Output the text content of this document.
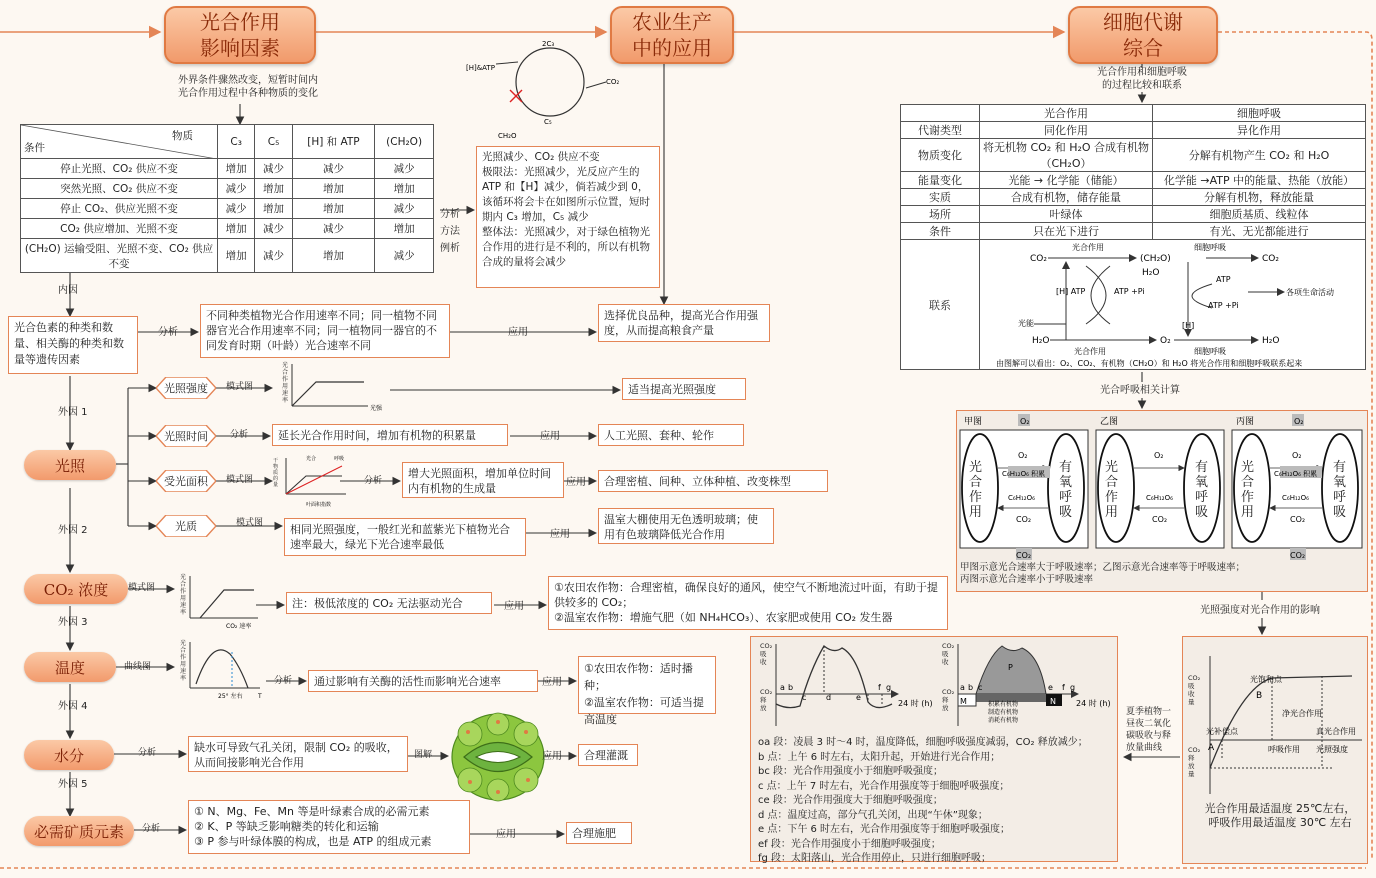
光合作用
影响因素
农业生产
中的应用
细胞代谢
综合
外界条件骤然改变，短暂时间内
光合作用过程中各种物质的变化
物质
条件	C₃	C₅	[H] 和 ATP	(CH₂O)
停止光照、CO₂ 供应不变	增加	减少	减少	减少
突然光照、CO₂ 供应不变	减少	增加	增加	增加
停止 CO₂、供应光照不变	减少	增加	增加	减少
CO₂ 供应增加、光照不变	增加	减少	减少	增加
(CH₂O) 运输受阻、光照不变、CO₂ 供应不变	增加	减少	增加	减少
分析
方法
例析
2C₃
CO₂
[H]&ATP
C₅
CH₂O
光照减少、CO₂ 供应不变
极限法：光照减少，光反应产生的ATP 和【H】减少，倘若减少到 0，该循环将会卡在如图所示位置，短时期内 C₃ 增加，C₅ 减少
整体法：光照减少，对于绿色植物光合作用的进行是不利的，所以有机物合成的量将会减少
内因
光合色素的种类和数量、相关酶的种类和数量等遗传因素
分析
不同种类植物光合作用速率不同；同一植物不同器官光合作用速率不同；同一植物同一器官的不同发育时期（叶龄）光合速率不同
应用
选择优良品种，提高光合作用强度，从而提高粮食产量
外因 1
外因 2
外因 3
外因 4
外因 5
光照
CO₂ 浓度
温度
水分
必需矿质元素
光照强度
光照时间
受光面积
光质
模式图
分析
模式图
模式图
光强
光合作用速率
延长光合作用时间，增加有机物的积累量	应用
叶面积指数
光合	呼吸
干物质的量	分析
增大光照面积，增加单位时间内有机物的生成量	应用
相同光照强度，一般红光和蓝紫光下植物光合速率最大，绿光下光合速率最低
应用
适当提高光照强度
人工光照、套种、轮作
合理密植、间种、立体种植、改变株型
温室大棚使用无色透明玻璃；使用有色玻璃降低光合作用
模式图
CO₂ 速率
光合作用速率
注：极低浓度的 CO₂ 无法驱动光合	应用
①农田农作物：合理密植，确保良好的通风，使空气不断地流过叶面，有助于提供较多的 CO₂；
②温室农作物：增施气肥（如 NH₄HCO₃）、农家肥或使用 CO₂ 发生器
曲线图
25° 左右	T
光合作用速率	分析	通过影响有关酶的活性而影响光合速率	应用
①农田农作物：适时播种；
②温室农作物：可适当提高温度
分析	缺水可导致气孔关闭，限制 CO₂ 的吸收，从而间接影响光合作用
图解	应用	合理灌溉
分析
① N、Mg、Fe、Mn 等是叶绿素合成的必需元素
② K、P 等缺乏影响糖类的转化和运输
③ P 参与叶绿体膜的构成，也是 ATP 的组成元素
应用	合理施肥
光合作用和细胞呼吸
的过程比较和联系
	光合作用	细胞呼吸
代谢类型	同化作用	异化作用
物质变化	将无机物 CO₂ 和 H₂O 合成有机物（CH₂O）	分解有机物产生 CO₂ 和 H₂O
能量变化	光能 → 化学能（储能）	化学能 →ATP 中的能量、热能（放能）
实质	合成有机物，储存能量	分解有机物，释放能量
场所	叶绿体	细胞质基质、线粒体
条件	只在光下进行	有光、无光都能进行
联系		
CO₂	(CH₂O)
H₂O
CO₂
光合作用	细胞呼吸
[H] ATP	ATP +Pi
ATP
ATP +Pi
各项生命活动
光能	[H]
H₂O	O₂	H₂O
光合作用	细胞呼吸
由图解可以看出：O₂、CO₂、有机物（CH₂O）和 H₂O 将光合作用和细胞呼吸联系起来
光合呼吸相关计算
甲图	乙图	丙图
O₂	O₂
O₂	O₂	O₂
C₆H₁₂O₆ 积累	C₆H₁₂O₆ 积累
C₆H₁₂O₆	C₆H₁₂O₆	C₆H₁₂O₆
CO₂	CO₂	CO₂
CO₂	CO₂
光
合
作
用
有
氧
呼
吸
光
合
作
用
有
氧
呼
吸
光
合
作
用
有
氧
呼
吸
甲图示意光合速率大于呼吸速率；乙图示意光合速率等于呼吸速率；
丙图示意光合速率小于呼吸速率
光照强度对光合作用的影响
A
B
光饱和点
光补偿点
净光合作用
真光合作用
呼吸作用 光照强度
CO₂
吸
收
量
CO₂
释
放
量
光合作用最适温度 25℃左右，
呼吸作用最适温度 30℃ 左右
夏季植物一昼夜二氧化碳吸收与释放量曲线
a b
c d	e
f g
24 时 (h)
a b c	e f g
M
P
N
积累有机物
制造有机物
消耗有机物
24 时 (h)
CO₂
吸
收
CO₂
释
放
CO₂
吸
收
CO₂
释
放
oa 段：凌晨 3 时～4 时，温度降低，细胞呼吸强度减弱，CO₂ 释放减少；
b 点：上午 6 时左右，太阳升起，开始进行光合作用；
bc 段：光合作用强度小于细胞呼吸强度；
c 点：上午 7 时左右，光合作用强度等于细胞呼吸强度；
ce 段：光合作用强度大于细胞呼吸强度；
d 点：温度过高，部分气孔关闭，出现“午休”现象；
e 点：下午 6 时左右，光合作用强度等于细胞呼吸强度；
ef 段：光合作用强度小于细胞呼吸强度；
fg 段：太阳落山，光合作用停止，只进行细胞呼吸；
